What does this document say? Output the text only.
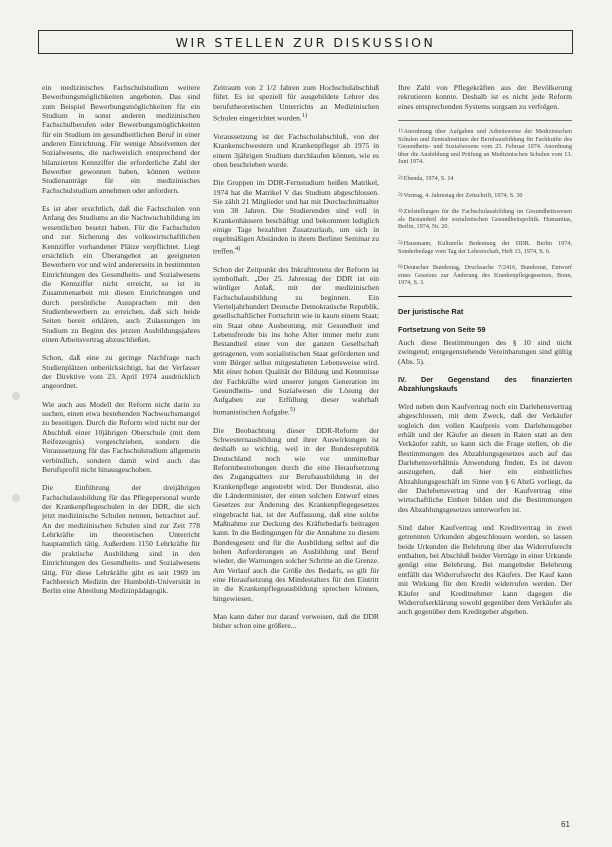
WIR STELLEN ZUR DISKUSSION

ein medizinisches Fachschulstudium weitere Bewerbungsmöglichkeiten angeboten. Das sind zum Beispiel Bewerbungsmöglichkeiten für ein Studium in sonst anderen medizinischen Fachschulberufen oder Bewerbungsmöglichkeiten für ein Studium im gesundheitlichen Beruf in einer anderen Einrichtung. Für wenige Absolventen der Sozialwesens, die nachweislich entsprechend der bilanzierten Kennziffer die erforderliche Zahl der Bewerber gewonnen haben, können weitere Studienanträge für ein medizinisches Fachschulstudium annehmen oder anfordern.

Es ist aber ersichtlich, daß die Fachschulen von Anfang des Studiums an die Nachwuchsbildung im wesentlichen besetzt haben. Für die Fachschulen und zur Sicherung des volkswirtschaftlichen Kennziffer vorhandener Plätze verpflichtet. Liegt ersichtlich ein Überangebot an geeigneten Bewerbern vor und wird andererseits in bestimmten Einrichtungen des Gesundheits- und Sozialwesens die Kennziffer nicht erreicht, so ist in Zusammenarbeit mit diesen Einrichtungen und durch persönliche Aussprachen mit den Studienbewerbern zu erreichen, daß sich beide Seiten bereit erklären, auch Zulassungen im Studium zu Beginn des jetzten Ausbildungsjahres einen Arbeitsvertrag abzuschließen.

Schon, daß eine zu geringe Nachfrage nach Studienplätzen unberücksichtigt, hat der Verfasser der Direktive vom 23. April 1974 ausdrücklich angeordnet.

Wie auch aus Modell der Reform nicht darin zu suchen, einen etwa bestehenden Nachwuchsmangel zu beseitigen. Durch die Reform wird nicht nur der Abschluß einer 10jährigen Oberschule (mit dem Reifezeugnis) vorgeschrieben, sondern die Voraussetzung für das Fachschulstudium allgemein verbindlich, sondern damit wird auch das Berufsprofil nicht hinausgeschoben.

Die Einführung der dreijährigen Fachschulausbildung für das Pflegepersonal wurde der Krankenpflegeschulen in der DDR, die sich jetzt medizinische Schulen nennen, betrachtet auf. An der medizinischen Schulen sind zur Zeit 778 Lehrkräfte im theoretischen Unterricht hauptamtlich tätig. Außerdem 1150 Lehrkräfte für die praktische Ausbildung sind in den Einrichtungen des Gesundheits- und Sozialwesens tätig. Für diese Lehrkräfte gibt es seit 1969 im Fachbereich Medizin der Humboldt-Universität in Berlin eine Abteilung Medizinpädagogik.

Zeitraum von 2 1/2 Jahren zum Hochschulabschluß führt. Es ist speziell für ausgebildete Lehrer des berufstheoretischen Unterrichts an Medizinischen Schulen eingerichtet worden.$^{1)}$

Voraussetzung ist der Fachschulabschluß, von der Krankenschwestern und Krankenpfleger ab 1975 in einem 3jährigen Studium durchlaufen können, wie es oben beschrieben wurde.

Die Gruppen im DDR-Fernstudium heißen Matrikel, 1974 hat die Matrikel V das Studium abgeschlossen. Sie zählt 21 Mitglieder und hat mit Durchschnittsalter von 38 Jahren. Die Studierenden sind voll in Krankenhäusern beschäftigt und bekommen lediglich einige Tage bezahlten Zusatzurlaub, um sich in regelmäßigen Abständen in ihrem Berliner Seminar zu treffen.$^{4)}$

Schon der Zeitpunkt des Inkrafttretens der Reform ist symbolhaft. „Der 25. Jahrestag der DDR ist ein würdiger Anlaß, mit der medizinischen Fachschulausbildung zu beginnen. Ein Vierteljahrhundert Deutsche Demokratische Republik, gesellschaftlicher Fortschritt wie in kaum einem Staat; ein Staat ohne Ausbeutung, mit Gesundheit und Lebensfreude bis ins hohe Alter immer mehr zum Bestandteil einer von der ganzen Gesellschaft getragenen, vom sozialistischen Staat geförderten und vom Bürger selbst mitgestalteten Lebensweise wird. Mit einer hohen Qualität der Bildung und Kenntnisse der Fachkräfte wird unserer jungen Generation im Gesundheits- und Sozialwesen die Lösung der Aufgaben zur Erfüllung dieser wahrhaft humanistischen Aufgabe.$^{5)}$

Die Beobachtung dieser DDR-Reform der Schwesternausbildung und ihrer Auswirkungen ist deshalb so wichtig, weil in der Bundesrepublik Deutschland noch wie vor unmittelbar Reformbestrebungen durch die eine Heraufsetzung des Zugangsalters zur Berufsausbildung in der Krankenpflege angestrebt wird. Der Bundesrat, also die Länderminister, der einen solchen Entwurf eines Gesetzes zur Änderung des Krankenpflegegesetzes eingebracht hat, ist der Auffassung, daß eine solche Maßnahme zur Deckung des Kräftebedarfs beitragen kann. In die Bedingungen für die Annahme zu diesem Bundesgesetz und für die Ausbildung selbst auf die hohen Anforderungen an Ausbildung und Beruf wieder, die Warnungen solcher Schritte an die Grenze. Am Verlauf auch die Größe des Bedarfs, so gilt für eine Heraufsetzung des Mindestalters für den Eintritt in die Krankenpflegeausbildung sprechen können, hingewiesen.

Man kann daher nur darauf verweisen, daß die DDR bisher schon eine größere...

Ihre Zahl von Pflegekräften aus der Bevölkerung rekrutieren konnte. Deshalb ist es nicht jede Reform eines entsprechenden Systems sorgsam zu verfolgen.

1)Anordnung über Aufgaben und Arbeitsweise der Medizinischen Schulen und Zentralinstitute der Berufsausbildung für Fachkräfte des Gesundheits- und Sozialwesens vom 25. Februar 1974. Anordnung über die Ausbildung und Prüfung an Medizinischen Schulen vom 13. Juni 1974.

2)Ebenda, 1974, S. 14

3)Vortrag, 4. Jahrestag der Zeitschrift, 1974, S. 30

4)Zielstellungen für die Fachschulausbildung im Gesundheitswesen als Bestandteil der sozialistischen Gesundheitspolitik. Humanitas, Berlin, 1974, Nr. 20.

5)Hausmann, Kulturelle Bedeutung der DDR. Berlin 1974, Sonderbeilage vom Tag der Lehrerschaft, Heft 13, 1974, S. 6.

6)Deutscher Bundestag, Drucksache 7/2416, Bundesrat, Entwurf eines Gesetzes zur Änderung des Krankenpflegegesetzes, Bonn, 1974, S. 3.

Der juristische Rat

Fortsetzung von Seite 59

Auch diese Bestimmungen des § 10 sind nicht zwingend; entgegenstehende Vereinbarungen sind gültig (Abs. 5).

IV. Der Gegenstand des finanzierten Abzahlungskaufs

Wird neben dem Kaufvertrag noch ein Darlehensvertrag abgeschlossen, mit dem Zweck, daß der Verkäufer sogleich den vollen Kaufpreis vom Darlehensgeber erhält und der Käufer an diesen in Raten statt an den Verkäufer zahlt, so kann sich die Frage stellen, ob die Bestimmungen des Abzahlungsgesetzes auch auf das Darlehensverhältnis Anwendung finden. Es ist davon auszugehen, daß hier ein einheitliches Abzahlungsgeschäft im Sinne von § 6 AbzG vorliegt, da der Darlehensvertrag und der Kaufvertrag eine wirtschaftliche Einheit bilden und die Bestimmungen des Abzahlungsgesetzes unterworfen ist.

Sind daher Kaufvertrag und Kreditvertrag in zwei getrennten Urkunden abgeschlossen worden, so lassen beide Urkunden die Belehrung über das Widerrufsrecht enthalten, bei Abschluß beider Verträge in einer Urkunde genügt eine Belehrung. Bei mangelnder Belehrung entfällt das Widerrufsrecht des Käufers. Der Kauf kann mit Wirkung für den Kredit widerrufen werden. Der Käufer und Kreditnehmer kann dagegen die Widerrufserklärung sowohl gegenüber dem Verkäufer als auch gegenüber dem Kreditgeber abgeben.

61
